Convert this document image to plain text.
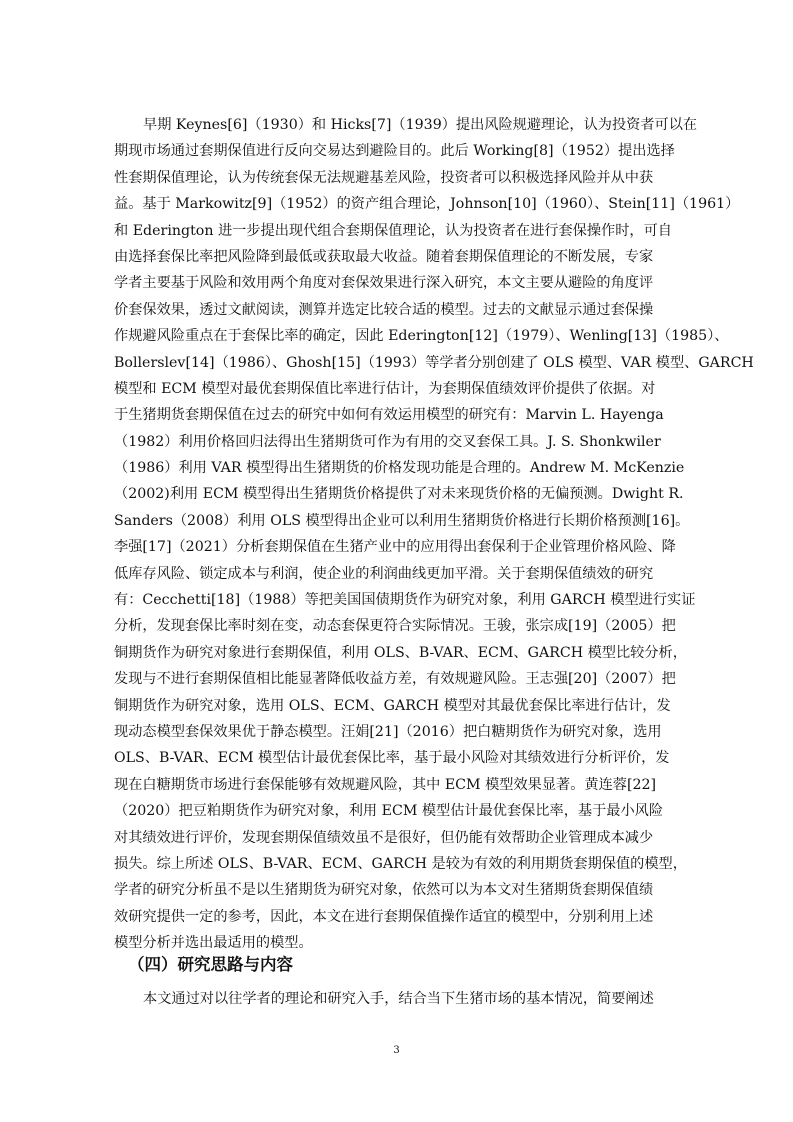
早期 Keynes[6]（1930）和 Hicks[7]（1939）提出风险规避理论，认为投资者可以在
期现市场通过套期保值进行反向交易达到避险目的。此后 Working[8]（1952）提出选择
性套期保值理论，认为传统套保无法规避基差风险，投资者可以积极选择风险并从中获
益。基于 Markowitz[9]（1952）的资产组合理论，Johnson[10]（1960）、Stein[11]（1961）
和 Ederington 进一步提出现代组合套期保值理论，认为投资者在进行套保操作时，可自
由选择套保比率把风险降到最低或获取最大收益。随着套期保值理论的不断发展，专家
学者主要基于风险和效用两个角度对套保效果进行深入研究，本文主要从避险的角度评
价套保效果，透过文献阅读，测算并选定比较合适的模型。过去的文献显示通过套保操
作规避风险重点在于套保比率的确定，因此 Ederington[12]（1979）、Wenling[13]（1985）、
Bollerslev[14]（1986）、Ghosh[15]（1993）等学者分别创建了 OLS 模型、VAR 模型、GARCH
模型和 ECM 模型对最优套期保值比率进行估计，为套期保值绩效评价提供了依据。对
于生猪期货套期保值在过去的研究中如何有效运用模型的研究有：Marvin L. Hayenga
（1982）利用价格回归法得出生猪期货可作为有用的交叉套保工具。J. S. Shonkwiler
（1986）利用 VAR 模型得出生猪期货的价格发现功能是合理的。Andrew M. McKenzie
（2002)利用 ECM 模型得出生猪期货价格提供了对未来现货价格的无偏预测。Dwight R.
Sanders（2008）利用 OLS 模型得出企业可以利用生猪期货价格进行长期价格预测[16]。
李强[17]（2021）分析套期保值在生猪产业中的应用得出套保利于企业管理价格风险、降
低库存风险、锁定成本与利润，使企业的利润曲线更加平滑。关于套期保值绩效的研究
有：Cecchetti[18]（1988）等把美国国债期货作为研究对象，利用 GARCH 模型进行实证
分析，发现套保比率时刻在变，动态套保更符合实际情况。王骏，张宗成[19]（2005）把
铜期货作为研究对象进行套期保值，利用 OLS、B-VAR、ECM、GARCH 模型比较分析，
发现与不进行套期保值相比能显著降低收益方差，有效规避风险。王志强[20]（2007）把
铜期货作为研究对象，选用 OLS、ECM、GARCH 模型对其最优套保比率进行估计，发
现动态模型套保效果优于静态模型。汪娟[21]（2016）把白糖期货作为研究对象，选用
OLS、B-VAR、ECM 模型估计最优套保比率，基于最小风险对其绩效进行分析评价，发
现在白糖期货市场进行套保能够有效规避风险，其中 ECM 模型效果显著。黄连蓉[22]
（2020）把豆粕期货作为研究对象，利用 ECM 模型估计最优套保比率，基于最小风险
对其绩效进行评价，发现套期保值绩效虽不是很好，但仍能有效帮助企业管理成本减少
损失。综上所述 OLS、B-VAR、ECM、GARCH 是较为有效的利用期货套期保值的模型，
学者的研究分析虽不是以生猪期货为研究对象，依然可以为本文对生猪期货套期保值绩
效研究提供一定的参考，因此，本文在进行套期保值操作适宜的模型中，分别利用上述
模型分析并选出最适用的模型。
（四）研究思路与内容
本文通过对以往学者的理论和研究入手，结合当下生猪市场的基本情况，简要阐述
3
